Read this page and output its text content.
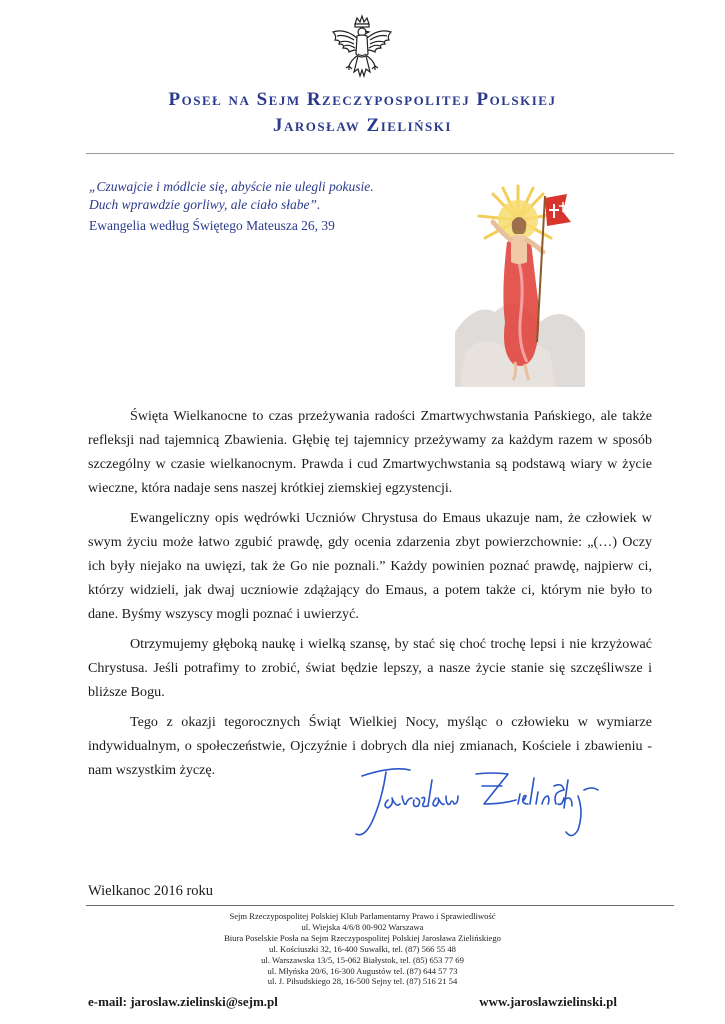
Poseł na Sejm Rzeczypospolitej Polskiej
Jarosław Zieliński
„Czuwajcie i módlcie się, abyście nie ulegli pokusie.
Duch wprawdzie gorliwy, ale ciało słabe”.
Ewangelia według Świętego Mateusza 26, 39

Święta Wielkanocne to czas przeżywania radości Zmartwychwstania Pańskiego, ale także refleksji nad tajemnicą Zbawienia. Głębię tej tajemnicy przeżywamy za każdym razem w sposób szczególny w czasie wielkanocnym. Prawda i cud Zmartwychwstania są podstawą wiary w życie wieczne, która nadaje sens naszej krótkiej ziemskiej egzystencji.

Ewangeliczny opis wędrówki Uczniów Chrystusa do Emaus ukazuje nam, że człowiek w swym życiu może łatwo zgubić prawdę, gdy ocenia zdarzenia zbyt powierzchownie: „(…) Oczy ich były niejako na uwięzi, tak że Go nie poznali.” Każdy powinien poznać prawdę, najpierw ci, którzy widzieli, jak dwaj uczniowie zdążający do Emaus, a potem także ci, którym nie było to dane. Byśmy wszyscy mogli poznać i uwierzyć.

Otrzymujemy głęboką naukę i wielką szansę, by stać się choć trochę lepsi i nie krzyżować Chrystusa. Jeśli potrafimy to zrobić, świat będzie lepszy, a nasze życie stanie się szczęśliwsze i bliższe Bogu.

Tego z okazji tegorocznych Świąt Wielkiej Nocy, myśląc o człowieku w wymiarze indywidualnym, o społeczeństwie, Ojczyźnie i dobrych dla niej zmianach, Kościele i zbawieniu - nam wszystkim życzę.

Wielkanoc 2016 roku
Sejm Rzeczypospolitej Polskiej Klub Parlamentarny Prawo i Sprawiedliwość
ul. Wiejska 4/6/8 00-902 Warszawa
Biura Poselskie Posła na Sejm Rzeczypospolitej Polskiej Jarosława Zielińskiego
ul. Kościuszki 32, 16-400 Suwałki, tel. (87) 566 55 48
ul. Warszawska 13/5, 15-062 Białystok, tel. (85) 653 77 69
ul. Młyńska 20/6, 16-300 Augustów tel. (87) 644 57 73
ul. J. Piłsudskiego 28, 16-500 Sejny tel. (87) 516 21 54
e-mail: jaroslaw.zielinski@sejm.pl	www.jaroslawzielinski.pl
